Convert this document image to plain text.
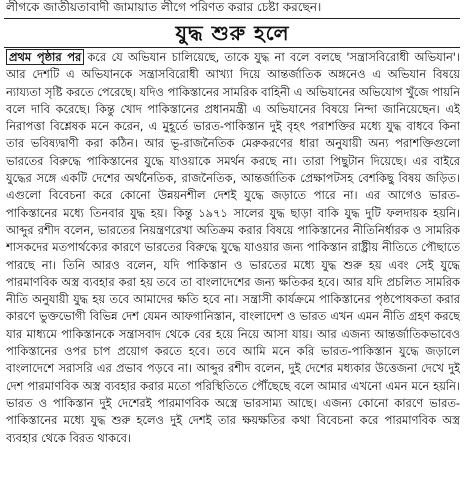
লীগকে জাতীয়তাবাদী জামায়াত লীগে পরিণত করার চেষ্টা করছেন।
যুদ্ধ শুরু হলে
প্রথম পৃষ্ঠার পর করে যে অভিযান চালিয়েছে, তাকে যুদ্ধ না বলে বলছে 'সন্ত্রাসবিরোধী অভিযান'। আর দেশটি এ অভিযানকে সন্ত্রাসবিরোধী আখ্যা দিয়ে আন্তর্জাতিক অঙ্গনেও এ অভিযান বিষয়ে ন্যায্যতা সৃষ্টি করতে পেরেছে। যদিও পাকিস্তানের সামরিক বাহিনী এ অভিযানের অভিযোগ খুঁজে পায়নি বলে দাবি করেছে। কিন্তু খোদ পাকিস্তানের প্রধানমন্ত্রী এ অভিযানের বিষয়ে নিন্দা জানিয়েছেন। এই নিরাপত্তা বিশ্লেষক মনে করেন, এ মুহূর্তে ভারত-পাকিস্তান দুই বৃহৎ পরাশক্তির মধ্যে যুদ্ধ বাধবে কিনা তার ভবিষ্যদ্বাণী করা কঠিন। আর ভূ-রাজনৈতিক মেরুকরণের ধারা অনুযায়ী অন্য পরাশক্তিগুলো ভারতের বিরুদ্ধে পাকিস্তানের যুদ্ধে যাওয়াকে সমর্থন করছে না। তারা পিছুটান দিয়েছে। এর বাইরে যুদ্ধের সঙ্গে একটি দেশের অর্থনৈতিক, রাজনৈতিক, আন্তর্জাতিক প্রেক্ষাপটসহ বেশকিছু বিষয় জড়িত। এগুলো বিবেচনা করে কোনো উন্নয়নশীল দেশই যুদ্ধে জড়াতে পারে না। এর আগেও ভারত-পাকিস্তানের মধ্যে তিনবার যুদ্ধ হয়। কিন্তু ১৯৭১ সালের যুদ্ধ ছাড়া বাকি যুদ্ধ দুটি ফলদায়ক হয়নি। আব্দুর রশীদ বলেন, ভারতের নিয়ন্ত্রণরেখা অতিক্রম করার বিষয়ে পাকিস্তানের নীতিনির্ধারক ও সামরিক শাসকদের মতপার্থক্যের কারণে ভারতের বিরুদ্ধে যুদ্ধে যাওয়ার জন্য পাকিস্তান রাষ্ট্রীয় নীতিতে পৌছাতে পারছে না। তিনি আরও বলেন, যদি পাকিস্তান ও ভারতের মধ্যে যুদ্ধ শুরু হয় এবং সেই যুদ্ধে পারমাণবিক অস্ত্র ব্যবহার করা হয় তবে তা বাংলাদেশের জন্য ক্ষতিকর হবে। আর যদি প্রচলিত সামরিক নীতি অনুযায়ী যুদ্ধ হয় তবে আমাদের ক্ষতি হবে না। সন্ত্রাসী কার্যক্রমে পাকিস্তানের পৃষ্ঠপোষকতা করার কারণে ভুক্তভোগী বিভিন্ন দেশ যেমন আফগানিস্তান, বাংলাদেশ ও ভারত এখন এমন নীতি গ্রহণ করছে যার মাধ্যমে পাকিস্তানকে সন্ত্রাসবাদ থেকে বের হয়ে নিয়ে আসা যায়। আর এজন্য আন্তর্জাতিকভাবেও পাকিস্তানের ওপর চাপ প্রয়োগ করতে হবে। তবে আমি মনে করি ভারত-পাকিস্তান যুদ্ধে জড়ালে বাংলাদেশে সরাসরি এর প্রভাব পড়বে না। আব্দুর রশীদ বলেন, দুই দেশের মধ্যকার উত্তেজনা দেখে দুই দেশ পারমাণবিক অস্ত্র ব্যবহার করার মতো পরিস্থিতিতে পৌঁছেছে বলে আমার এখনো এমন মনে হয়নি। ভারত ও পাকিস্তান দুই দেশেরই পারমাণবিক অস্ত্রে ভারসাম্য আছে। এজন্য কোনো কারণে ভারত-পাকিস্তানের মধ্যে যুদ্ধ শুরু হলেও দুই দেশই তার ক্ষয়ক্ষতির কথা বিবেচনা করে পারমাণবিক অস্ত্র ব্যবহার থেকে বিরত থাকবে।
